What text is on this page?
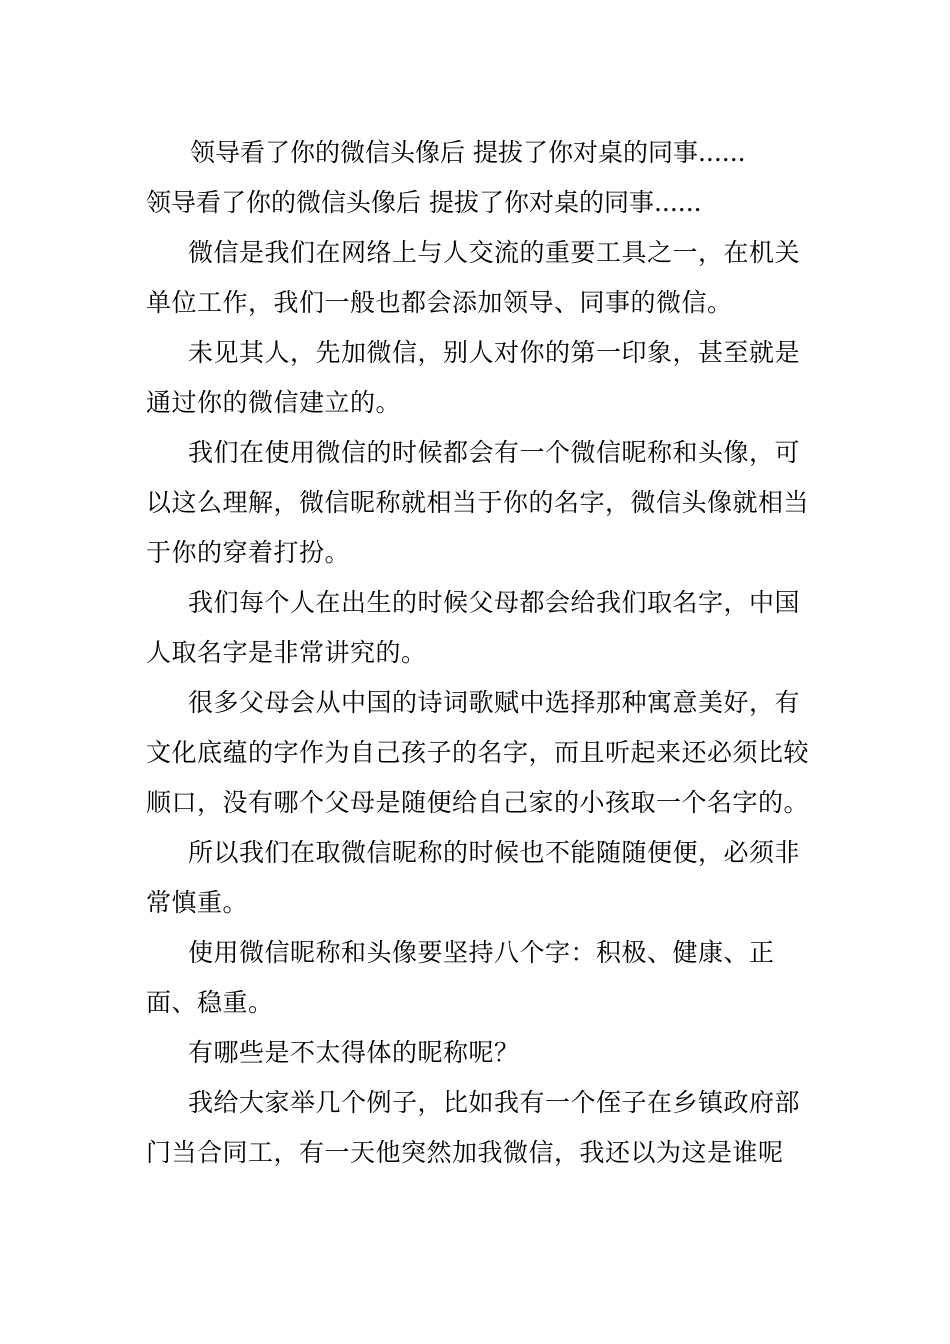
领导看了你的微信头像后 提拔了你对桌的同事......
领导看了你的微信头像后 提拔了你对桌的同事......

微信是我们在网络上与人交流的重要工具之一，在机关单位工作，我们一般也都会添加领导、同事的微信。

未见其人，先加微信，别人对你的第一印象，甚至就是通过你的微信建立的。

我们在使用微信的时候都会有一个微信昵称和头像，可以这么理解，微信昵称就相当于你的名字，微信头像就相当于你的穿着打扮。

我们每个人在出生的时候父母都会给我们取名字，中国人取名字是非常讲究的。

很多父母会从中国的诗词歌赋中选择那种寓意美好，有文化底蕴的字作为自己孩子的名字，而且听起来还必须比较顺口，没有哪个父母是随便给自己家的小孩取一个名字的。

所以我们在取微信昵称的时候也不能随随便便，必须非常慎重。

使用微信昵称和头像要坚持八个字：积极、健康、正面、稳重。

有哪些是不太得体的昵称呢？

我给大家举几个例子，比如我有一个侄子在乡镇政府部门当合同工，有一天他突然加我微信，我还以为这是谁呢
